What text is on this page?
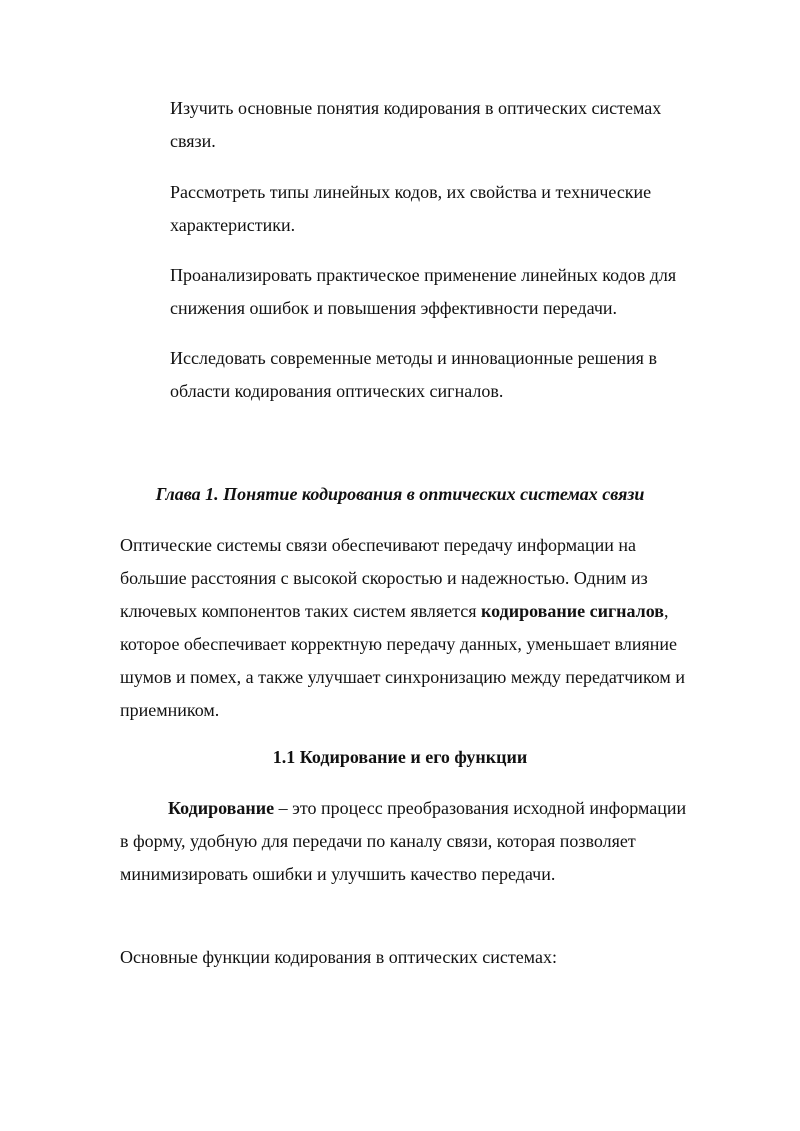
Изучить основные понятия кодирования в оптических системах связи.

Рассмотреть типы линейных кодов, их свойства и технические характеристики.

Проанализировать практическое применение линейных кодов для снижения ошибок и повышения эффективности передачи.

Исследовать современные методы и инновационные решения в области кодирования оптических сигналов.

Глава 1. Понятие кодирования в оптических системах связи

Оптические системы связи обеспечивают передачу информации на большие расстояния с высокой скоростью и надежностью. Одним из ключевых компонентов таких систем является кодирование сигналов, которое обеспечивает корректную передачу данных, уменьшает влияние шумов и помех, а также улучшает синхронизацию между передатчиком и приемником.

1.1 Кодирование и его функции

Кодирование – это процесс преобразования исходной информации в форму, удобную для передачи по каналу связи, которая позволяет минимизировать ошибки и улучшить качество передачи.

Основные функции кодирования в оптических системах:
